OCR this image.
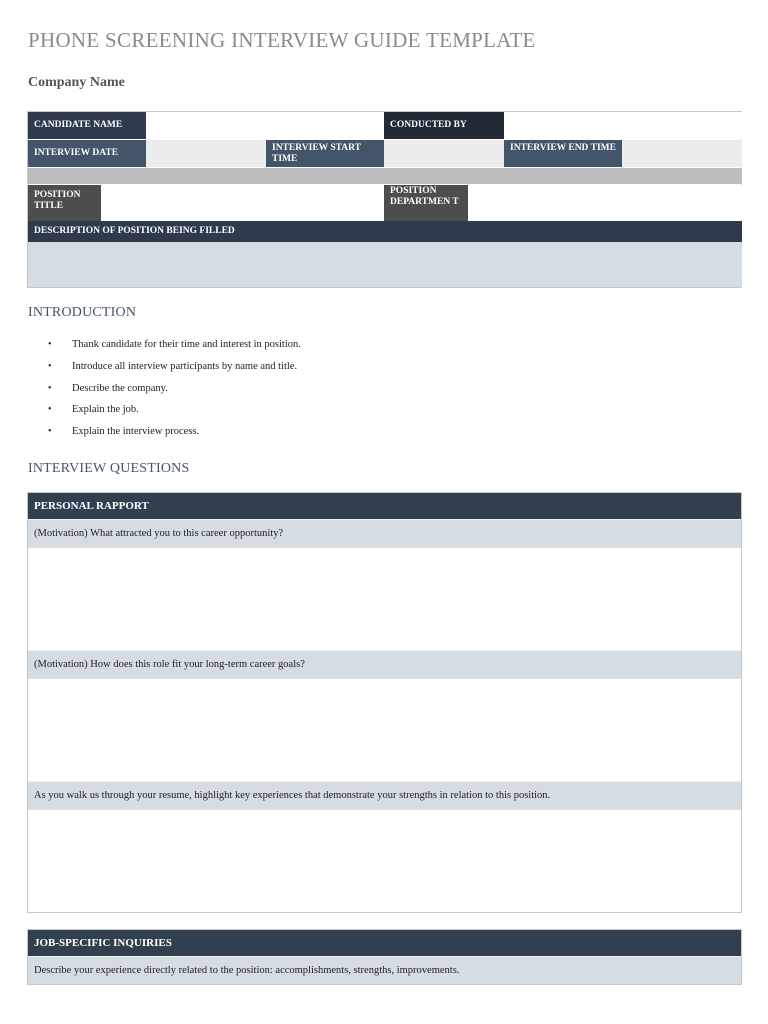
PHONE SCREENING INTERVIEW GUIDE TEMPLATE
Company Name
CANDIDATE NAME	CONDUCTED BY
INTERVIEW DATE	INTERVIEW START TIME
INTERVIEW END TIME
POSITION TITLE
POSITION DEPARTMEN T
DESCRIPTION OF POSITION BEING FILLED
INTRODUCTION
• Thank candidate for their time and interest in position.
• Introduce all interview participants by name and title.
• Describe the company.
• Explain the job.
• Explain the interview process.
INTERVIEW QUESTIONS
PERSONAL RAPPORT
(Motivation) What attracted you to this career opportunity?
(Motivation) How does this role fit your long-term career goals?
As you walk us through your resume, highlight key experiences that demonstrate your strengths in relation to this position.
JOB-SPECIFIC INQUIRIES
Describe your experience directly related to the position: accomplishments, strengths, improvements.
